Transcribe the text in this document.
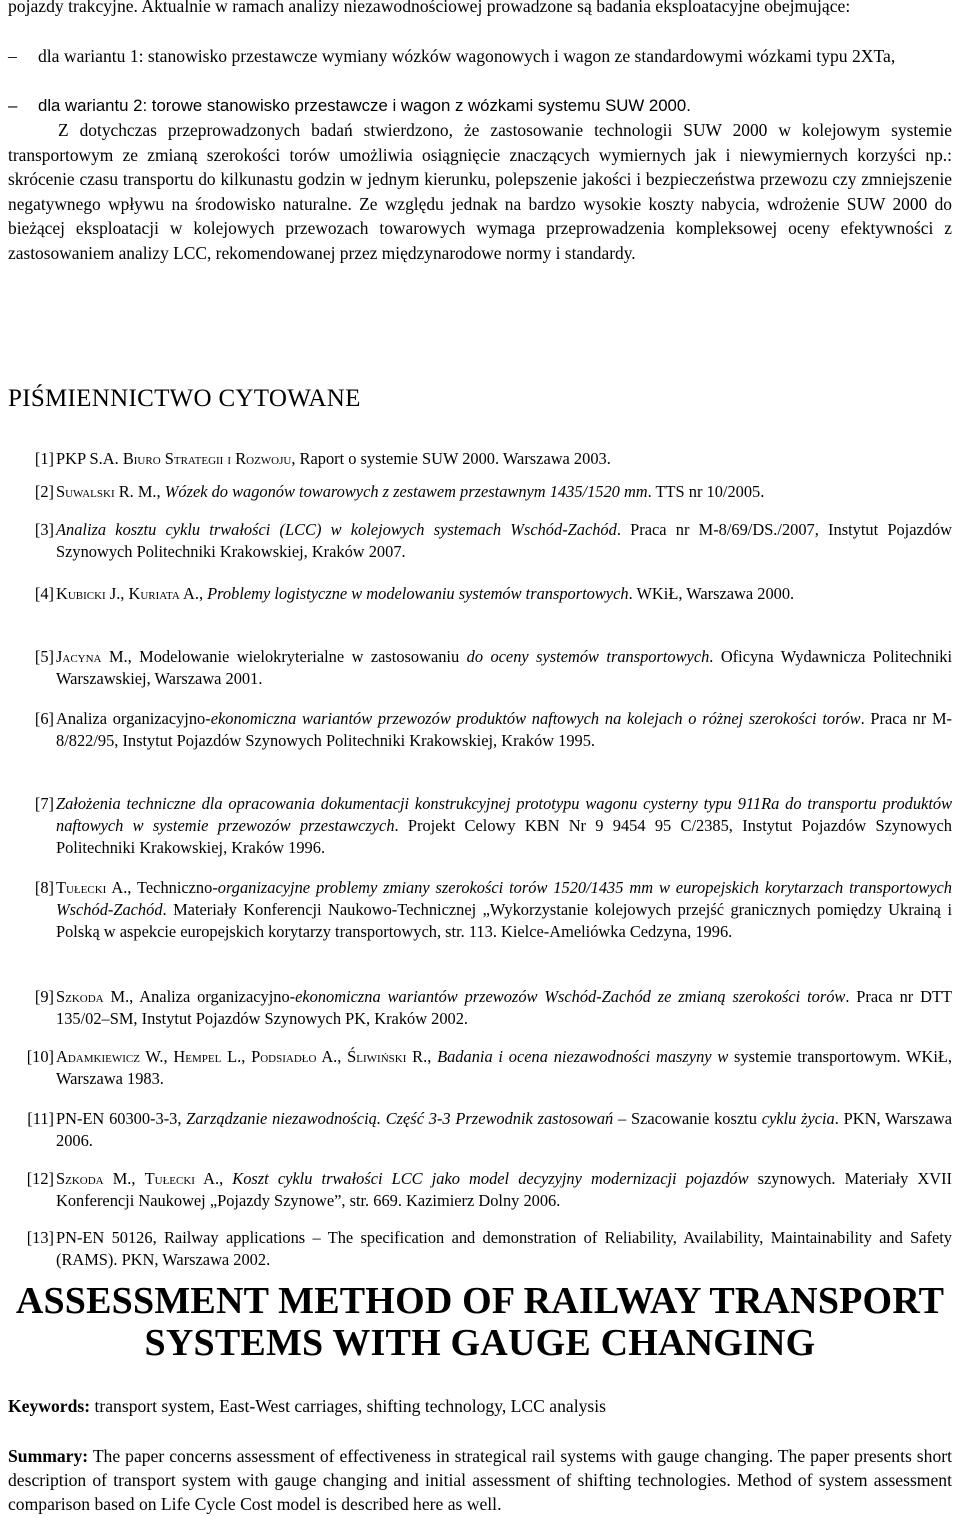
pojazdy trakcyjne. Aktualnie w ramach analizy niezawodnościowej prowadzone są badania eksploatacyjne obejmujące:
–	dla wariantu 1: stanowisko przestawcze wymiany wózków wagonowych i wagon ze standardowymi wózkami typu 2XTa,
–	dla wariantu 2: torowe stanowisko przestawcze i wagon z wózkami systemu SUW 2000.
Z dotychczas przeprowadzonych badań stwierdzono, że zastosowanie technologii SUW 2000 w kolejowym systemie transportowym ze zmianą szerokości torów umożliwia osiągnięcie znaczących wymiernych jak i niewymiernych korzyści np.: skrócenie czasu transportu do kilkunastu godzin w jednym kierunku, polepszenie jakości i bezpieczeństwa przewozu czy zmniejszenie negatywnego wpływu na środowisko naturalne. Ze względu jednak na bardzo wysokie koszty nabycia, wdrożenie SUW 2000 do bieżącej eksploatacji w kolejowych przewozach towarowych wymaga przeprowadzenia kompleksowej oceny efektywności z zastosowaniem analizy LCC, rekomendowanej przez międzynarodowe normy i standardy.
PIŚMIENNICTWO CYTOWANE
[1] PKP S.A. Biuro Strategii i Rozwoju, Raport o systemie SUW 2000. Warszawa 2003.
[2] Suwalski R. M., Wózek do wagonów towarowych z zestawem przestawnym 1435/1520 mm. TTS nr 10/2005.
[3] Analiza kosztu cyklu trwałości (LCC) w kolejowych systemach Wschód-Zachód. Praca nr M-8/69/DS./2007, Instytut Pojazdów Szynowych Politechniki Krakowskiej, Kraków 2007.
[4] Kubicki J., Kuriata A., Problemy logistyczne w modelowaniu systemów transportowych. WKiŁ, Warszawa 2000.
[5] Jacyna M., Modelowanie wielokryterialne w zastosowaniu do oceny systemów transportowych. Oficyna Wydawnicza Politechniki Warszawskiej, Warszawa 2001.
[6] Analiza organizacyjno-ekonomiczna wariantów przewozów produktów naftowych na kolejach o różnej szerokości torów. Praca nr M-8/822/95, Instytut Pojazdów Szynowych Politechniki Krakowskiej, Kraków 1995.
[7] Założenia techniczne dla opracowania dokumentacji konstrukcyjnej prototypu wagonu cysterny typu 911Ra do transportu produktów naftowych w systemie przewozów przestawczych. Projekt Celowy KBN Nr 9 9454 95 C/2385, Instytut Pojazdów Szynowych Politechniki Krakowskiej, Kraków 1996.
[8] Tułecki A., Techniczno-organizacyjne problemy zmiany szerokości torów 1520/1435 mm w europejskich korytarzach transportowych Wschód-Zachód. Materiały Konferencji Naukowo-Technicznej „Wykorzystanie kolejowych przejść granicznych pomiędzy Ukrainą i Polską w aspekcie europejskich korytarzy transportowych, str. 113. Kielce-Ameliówka Cedzyna, 1996.
[9] Szkoda M., Analiza organizacyjno-ekonomiczna wariantów przewozów Wschód-Zachód ze zmianą szerokości torów. Praca nr DTT 135/02–SM, Instytut Pojazdów Szynowych PK, Kraków 2002.
[10] Adamkiewicz W., Hempel L., Podsiadło A., Śliwiński R., Badania i ocena niezawodności maszyny w systemie transportowym. WKiŁ, Warszawa 1983.
[11] PN-EN 60300-3-3, Zarządzanie niezawodnością. Część 3-3 Przewodnik zastosowań – Szacowanie kosztu cyklu życia. PKN, Warszawa 2006.
[12] Szkoda M., Tułecki A., Koszt cyklu trwałości LCC jako model decyzyjny modernizacji pojazdów szynowych. Materiały XVII Konferencji Naukowej „Pojazdy Szynowe”, str. 669. Kazimierz Dolny 2006.
[13] PN-EN 50126, Railway applications – The specification and demonstration of Reliability, Availability, Maintainability and Safety (RAMS). PKN, Warszawa 2002.
ASSESSMENT METHOD OF RAILWAY TRANSPORT SYSTEMS WITH GAUGE CHANGING
Keywords: transport system, East-West carriages, shifting technology, LCC analysis
Summary: The paper concerns assessment of effectiveness in strategical rail systems with gauge changing. The paper presents short description of transport system with gauge changing and initial assessment of shifting technologies. Method of system assessment comparison based on Life Cycle Cost model is described here as well.
